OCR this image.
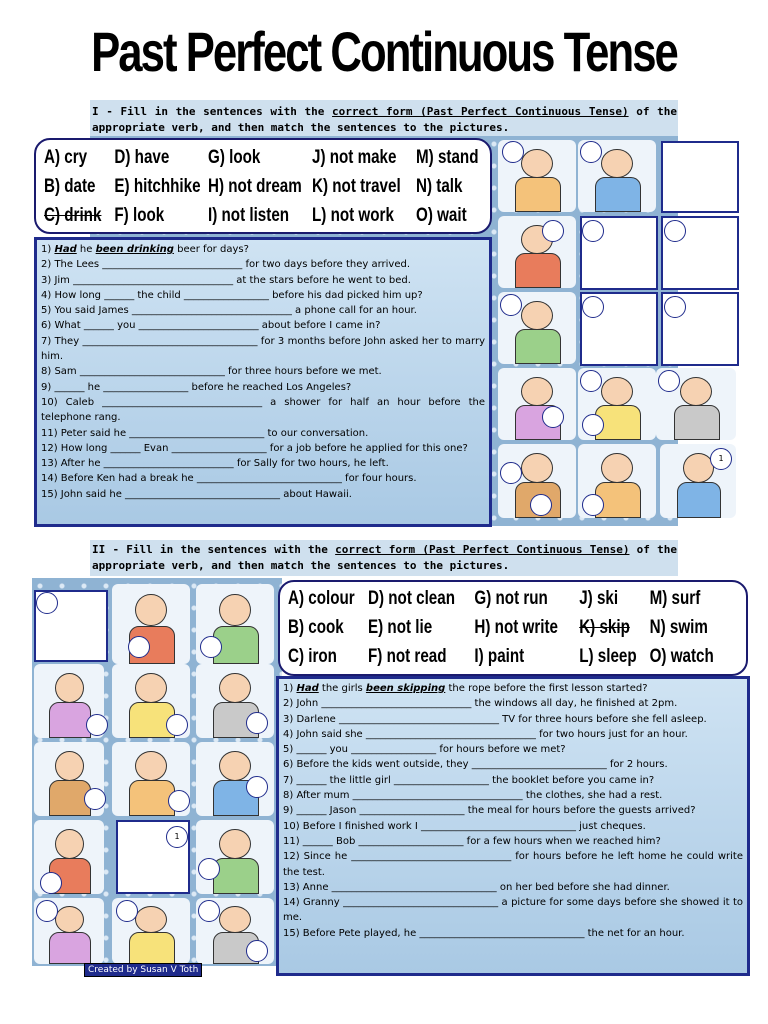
Past Perfect Continuous Tense
I - Fill in the sentences with the correct form (Past Perfect Continuous Tense) of the appropriate verb, and then match the sentences to the pictures.
A) cry D) have G) look	J) not make M) stand
B) date E) hitchhike H) not dream K) not travel N) talk
C) drink F) look I) not listen L) not work O) wait
1) Had he been drinking beer for days?
2) The Lees ____________________________ for two days before they arrived.
3) Jim ________________________________ at the stars before he went to bed.
4) How long ______ the child _________________ before his dad picked him up?
5) You said James ________________________________ a phone call for an hour.
6) What ______ you ________________________ about before I came in?
7) They ___________________________________ for 3 months before John asked her to marry him.
8) Sam _____________________________ for three hours before we met.
9) ______ he _________________ before he reached Los Angeles?
10) Caleb ________________________________ a shower for half an hour before the telephone rang.
11) Peter said he ___________________________ to our conversation.
12) How long ______ Evan ___________________ for a job before he applied for this one?
13) After he __________________________ for Sally for two hours, he left.
14) Before Ken had a break he _____________________________ for four hours.
15) John said he _______________________________ about Hawaii.
1
II - Fill in the sentences with the correct form (Past Perfect Continuous Tense) of the appropriate verb, and then match the sentences to the pictures.
A) colour D) not clean G) not run J) ski M) surf
B) cook E) not lie H) not write K) skip N) swim
C) iron F) not read I) paint	L) sleep O) watch
1) Had the girls been skipping the rope before the first lesson started?
2) John ______________________________ the windows all day, he finished at 2pm.
3) Darlene ________________________________ TV for three hours before she fell asleep.
4) John said she __________________________________ for two hours just for an hour.
5) ______ you _________________ for hours before we met?
6) Before the kids went outside, they ___________________________ for 2 hours.
7) ______ the little girl ___________________ the booklet before you came in?
8) After mum __________________________________ the clothes, she had a rest.
9) ______ Jason _____________________ the meal for hours before the guests arrived?
10) Before I finished work I _______________________________ just cheques.
11) ______ Bob _____________________ for a few hours when we reached him?
12) Since he ________________________________ for hours before he left home he could write the test.
13) Anne _________________________________ on her bed before she had dinner.
14) Granny _______________________________ a picture for some days before she showed it to me.
15) Before Pete played, he _________________________________ the net for an hour.
1
Created by Susan V Toth
